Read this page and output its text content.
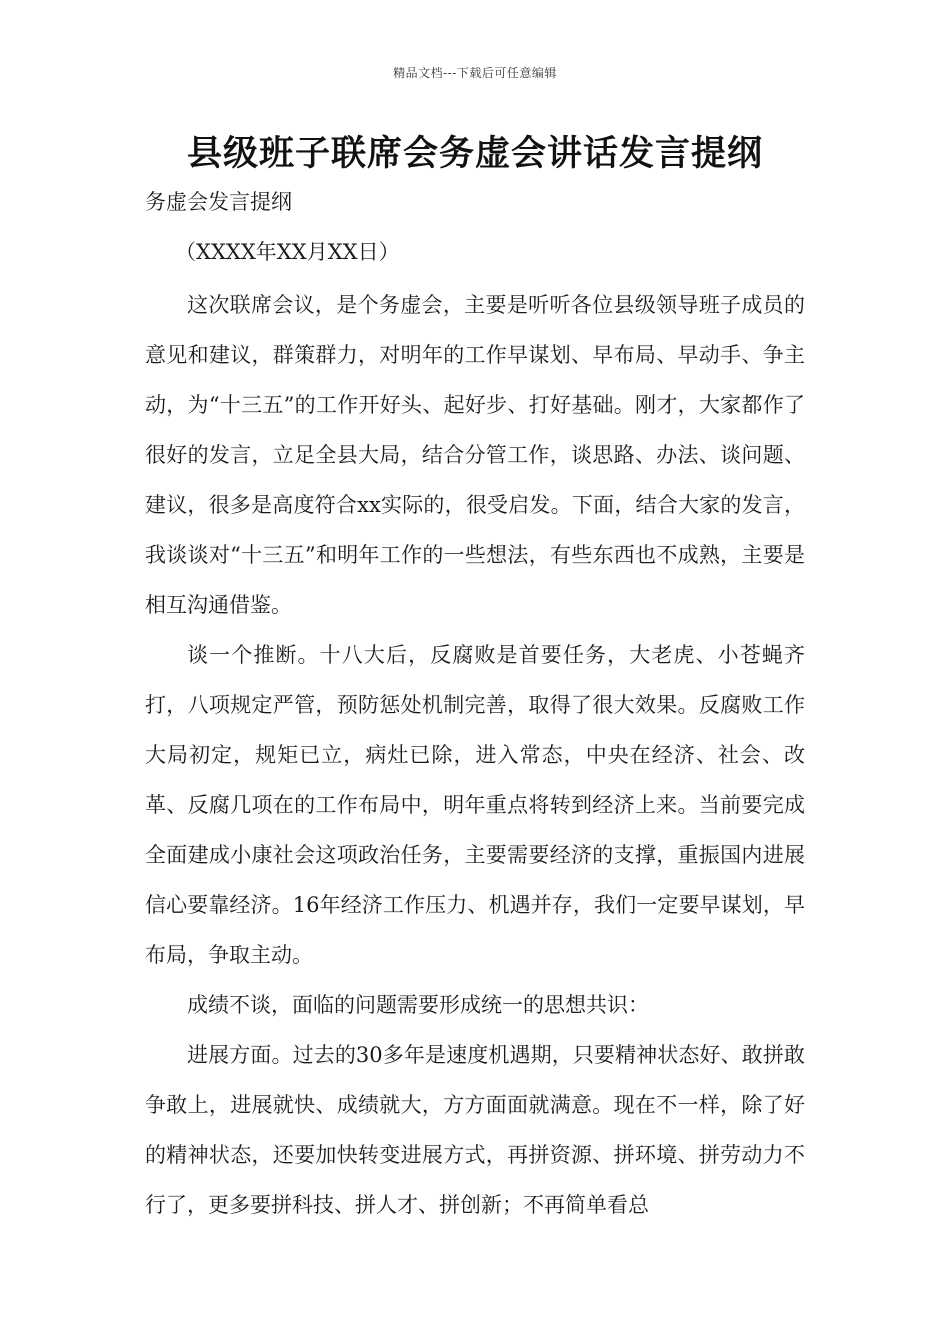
精品文档---下载后可任意编辑
县级班子联席会务虚会讲话发言提纲
务虚会发言提纲
（XXXX年XX月XX日）

这次联席会议，是个务虚会，主要是听听各位县级领导班子成员的意见和建议，群策群力，对明年的工作早谋划、早布局、早动手、争主动，为“十三五”的工作开好头、起好步、打好基础。刚才，大家都作了很好的发言，立足全县大局，结合分管工作，谈思路、办法、谈问题、建议，很多是高度符合xx实际的，很受启发。下面，结合大家的发言，我谈谈对“十三五”和明年工作的一些想法，有些东西也不成熟，主要是相互沟通借鉴。

谈一个推断。十八大后，反腐败是首要任务，大老虎、小苍蝇齐打，八项规定严管，预防惩处机制完善，取得了很大效果。反腐败工作大局初定，规矩已立，病灶已除，进入常态，中央在经济、社会、改革、反腐几项在的工作布局中，明年重点将转到经济上来。当前要完成全面建成小康社会这项政治任务，主要需要经济的支撑，重振国内进展信心要靠经济。16年经济工作压力、机遇并存，我们一定要早谋划，早布局，争取主动。

成绩不谈，面临的问题需要形成统一的思想共识：

进展方面。过去的30多年是速度机遇期，只要精神状态好、敢拼敢争敢上，进展就快、成绩就大，方方面面就满意。现在不一样，除了好的精神状态，还要加快转变进展方式，再拼资源、拼环境、拼劳动力不行了，更多要拼科技、拼人才、拼创新；不再简单看总
